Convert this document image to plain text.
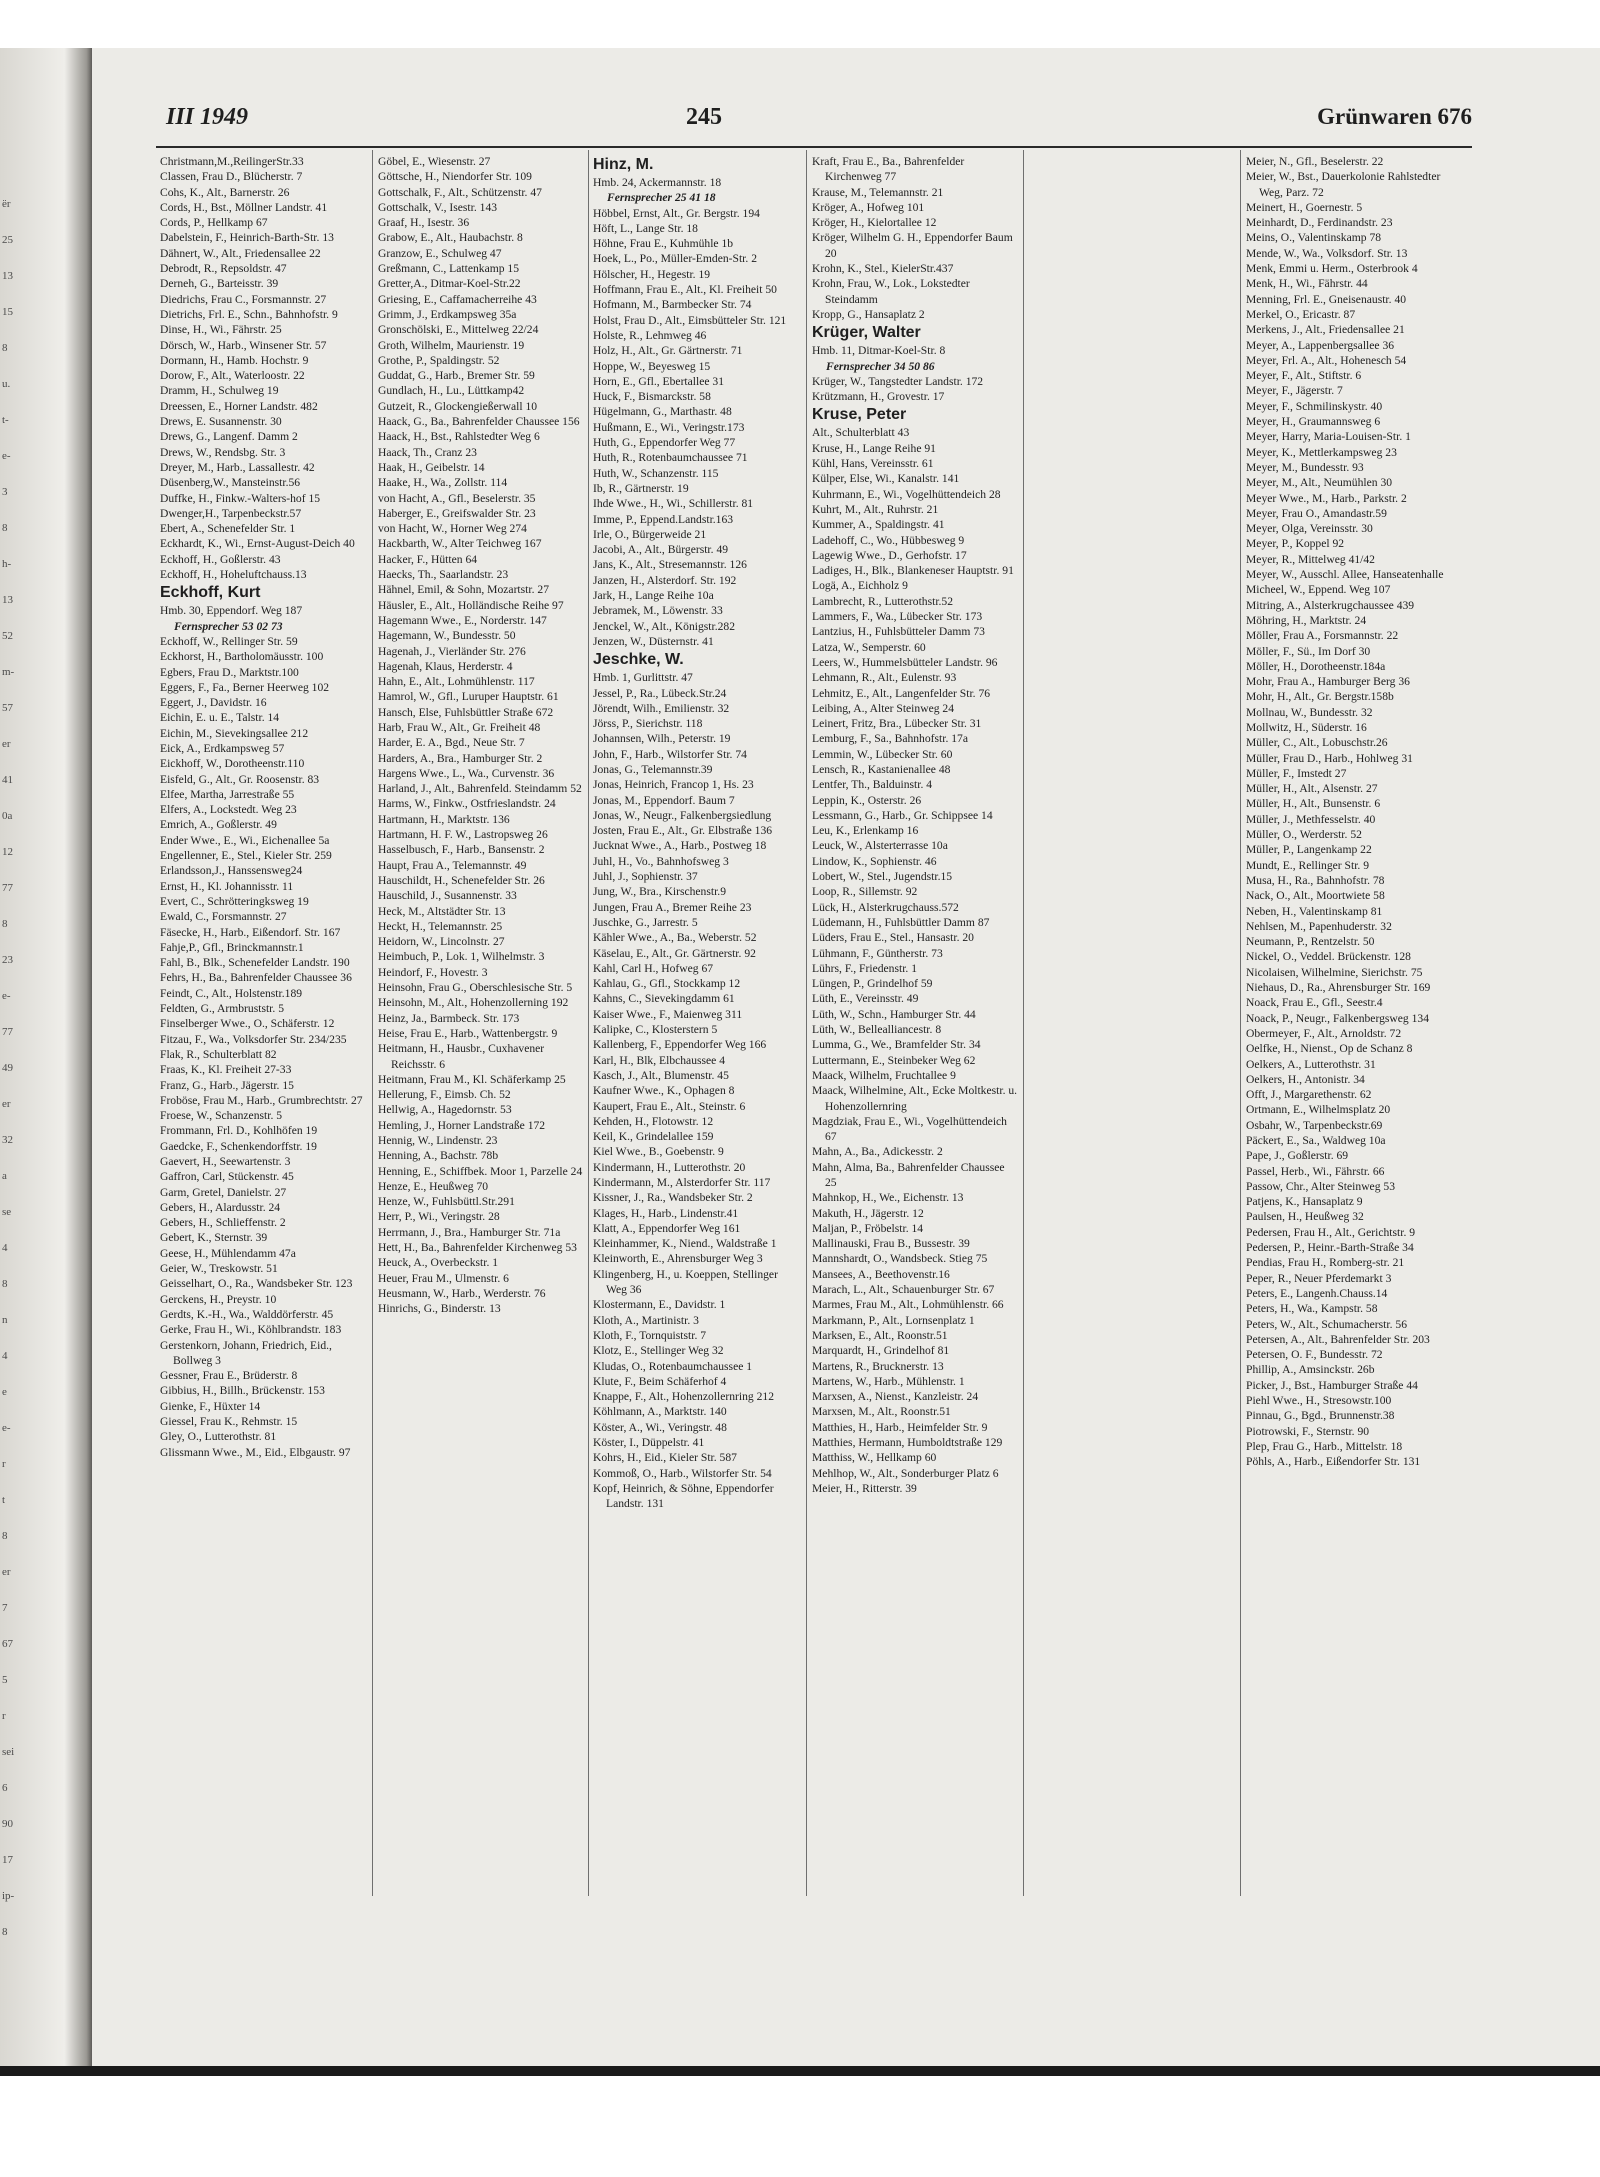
ër
25
13
15
8
u.
t-
e-
3
8
h-
13
52
m-
57
er
41
0a
12
77
8
23
e-
77
49
er
32
a
se
4
8
n
4
e
e-
r
t
8
er
7
67
5
r
sei
6
90
17
ip-
8
III 1949	245	Grünwaren 676

Christmann,M.,ReilingerStr.33

Classen, Frau D., Blücherstr. 7

Cohs, K., Alt., Barnerstr. 26

Cords, H., Bst., Möllner Landstr. 41

Cords, P., Hellkamp 67

Dabelstein, F., Heinrich-Barth-Str. 13

Dähnert, W., Alt., Friedensallee 22

Debrodt, R., Repsoldstr. 47

Derneh, G., Barteisstr. 39

Diedrichs, Frau C., Forsmannstr. 27

Dietrichs, Frl. E., Schn., Bahnhofstr. 9

Dinse, H., Wi., Fährstr. 25

Dörsch, W., Harb., Winsener Str. 57

Dormann, H., Hamb. Hochstr. 9

Dorow, F., Alt., Waterloostr. 22

Dramm, H., Schulweg 19

Dreessen, E., Horner Landstr. 482

Drews, E. Susannenstr. 30

Drews, G., Langenf. Damm 2

Drews, W., Rendsbg. Str. 3

Dreyer, M., Harb., Lassallestr. 42

Düsenberg,W., Mansteinstr.56

Duffke, H., Finkw.-Walters-hof 15

Dwenger,H., Tarpenbeckstr.57

Ebert, A., Schenefelder Str. 1

Eckhardt, K., Wi., Ernst-August-Deich 40

Eckhoff, H., Goßlerstr. 43

Eckhoff, H., Hoheluftchauss.13

Eckhoff, Kurt

Hmb. 30, Eppendorf. Weg 187

Fernsprecher 53 02 73

Eckhoff, W., Rellinger Str. 59

Eckhorst, H., Bartholomäusstr. 100

Egbers, Frau D., Marktstr.100

Eggers, F., Fa., Berner Heerweg 102

Eggert, J., Davidstr. 16

Eichin, E. u. E., Talstr. 14

Eichin, M., Sievekingsallee 212

Eick, A., Erdkampsweg 57

Eickhoff, W., Dorotheenstr.110

Eisfeld, G., Alt., Gr. Roosenstr. 83

Elfee, Martha, Jarrestraße 55

Elfers, A., Lockstedt. Weg 23

Emrich, A., Goßlerstr. 49

Ender Wwe., E., Wi., Eichenallee 5a

Engellenner, E., Stel., Kieler Str. 259

Erlandsson,J., Hanssensweg24

Ernst, H., Kl. Johannisstr. 11

Evert, C., Schrötteringksweg 19

Ewald, C., Forsmannstr. 27

Fäsecke, H., Harb., Eißendorf. Str. 167

Fahje,P., Gfl., Brinckmannstr.1

Fahl, B., Blk., Schenefelder Landstr. 190

Fehrs, H., Ba., Bahrenfelder Chaussee 36

Feindt, C., Alt., Holstenstr.189

Feldten, G., Armbruststr. 5

Finselberger Wwe., O., Schäferstr. 12

Fitzau, F., Wa., Volksdorfer Str. 234/235

Flak, R., Schulterblatt 82

Fraas, K., Kl. Freiheit 27-33

Franz, G., Harb., Jägerstr. 15

Froböse, Frau M., Harb., Grumbrechtstr. 27

Froese, W., Schanzenstr. 5

Frommann, Frl. D., Kohlhöfen 19

Gaedcke, F., Schenkendorffstr. 19

Gaevert, H., Seewartenstr. 3

Gaffron, Carl, Stückenstr. 45

Garm, Gretel, Danielstr. 27

Gebers, H., Alardusstr. 24

Gebers, H., Schlieffenstr. 2

Gebert, K., Sternstr. 39

Geese, H., Mühlendamm 47a

Geier, W., Treskowstr. 51

Geisselhart, O., Ra., Wandsbeker Str. 123

Gerckens, H., Preystr. 10

Gerdts, K.-H., Wa., Walddörferstr. 45

Gerke, Frau H., Wi., Köhlbrandstr. 183

Gerstenkorn, Johann, Friedrich, Eid., Bollweg 3

Gessner, Frau E., Brüderstr. 8

Gibbius, H., Billh., Brückenstr. 153

Gienke, F., Hüxter 14

Giessel, Frau K., Rehmstr. 15

Gley, O., Lutterothstr. 81

Glissmann Wwe., M., Eid., Elbgaustr. 97

Göbel, E., Wiesenstr. 27

Göttsche, H., Niendorfer Str. 109

Gottschalk, F., Alt., Schützenstr. 47

Gottschalk, V., Isestr. 143

Graaf, H., Isestr. 36

Grabow, E., Alt., Haubachstr. 8

Granzow, E., Schulweg 47

Greßmann, C., Lattenkamp 15

Gretter,A., Ditmar-Koel-Str.22

Griesing, E., Caffamacherreihe 43

Grimm, J., Erdkampsweg 35a

Gronschölski, E., Mittelweg 22/24

Groth, Wilhelm, Maurienstr. 19

Grothe, P., Spaldingstr. 52

Guddat, G., Harb., Bremer Str. 59

Gundlach, H., Lu., Lüttkamp42

Gutzeit, R., Glockengießerwall 10

Haack, G., Ba., Bahrenfelder Chaussee 156

Haack, H., Bst., Rahlstedter Weg 6

Haack, Th., Cranz 23

Haak, H., Geibelstr. 14

Haake, H., Wa., Zollstr. 114

von Hacht, A., Gfl., Beselerstr. 35

Haberger, E., Greifswalder Str. 23

von Hacht, W., Horner Weg 274

Hackbarth, W., Alter Teichweg 167

Hacker, F., Hütten 64

Haecks, Th., Saarlandstr. 23

Hähnel, Emil, & Sohn, Mozartstr. 27

Häusler, E., Alt., Holländische Reihe 97

Hagemann Wwe., E., Norderstr. 147

Hagemann, W., Bundesstr. 50

Hagenah, J., Vierländer Str. 276

Hagenah, Klaus, Herderstr. 4

Hahn, E., Alt., Lohmühlenstr. 117

Hamrol, W., Gfl., Luruper Hauptstr. 61

Hansch, Else, Fuhlsbüttler Straße 672

Harb, Frau W., Alt., Gr. Freiheit 48

Harder, E. A., Bgd., Neue Str. 7

Harders, A., Bra., Hamburger Str. 2

Hargens Wwe., L., Wa., Curvenstr. 36

Harland, J., Alt., Bahrenfeld. Steindamm 52

Harms, W., Finkw., Ostfrieslandstr. 24

Hartmann, H., Marktstr. 136

Hartmann, H. F. W., Lastropsweg 26

Hasselbusch, F., Harb., Bansenstr. 2

Haupt, Frau A., Telemannstr. 49

Hauschildt, H., Schenefelder Str. 26

Hauschild, J., Susannenstr. 33

Heck, M., Altstädter Str. 13

Heckt, H., Telemannstr. 25

Heidorn, W., Lincolnstr. 27

Heimbuch, P., Lok. 1, Wilhelmstr. 3

Heindorf, F., Hovestr. 3

Heinsohn, Frau G., Oberschlesische Str. 5

Heinsohn, M., Alt., Hohenzollerning 192

Heinz, Ja., Barmbeck. Str. 173

Heise, Frau E., Harb., Wattenbergstr. 9

Heitmann, H., Hausbr., Cuxhavener Reichsstr. 6

Heitmann, Frau M., Kl. Schäferkamp 25

Hellerung, F., Eimsb. Ch. 52

Hellwig, A., Hagedornstr. 53

Hemling, J., Horner Landstraße 172

Hennig, W., Lindenstr. 23

Henning, A., Bachstr. 78b

Henning, E., Schiffbek. Moor 1, Parzelle 24

Henze, E., Heußweg 70

Henze, W., Fuhlsbüttl.Str.291

Herr, P., Wi., Veringstr. 28

Herrmann, J., Bra., Hamburger Str. 71a

Hett, H., Ba., Bahrenfelder Kirchenweg 53

Heuck, A., Overbeckstr. 1

Heuer, Frau M., Ulmenstr. 6

Heusmann, W., Harb., Werderstr. 76

Hinrichs, G., Binderstr. 13

Hinz, M.

Hmb. 24, Ackermannstr. 18

Fernsprecher 25 41 18

Höbbel, Ernst, Alt., Gr. Bergstr. 194

Höft, L., Lange Str. 18

Höhne, Frau E., Kuhmühle 1b

Hoek, L., Po., Müller-Emden-Str. 2

Hölscher, H., Hegestr. 19

Hoffmann, Frau E., Alt., Kl. Freiheit 50

Hofmann, M., Barmbecker Str. 74

Holst, Frau D., Alt., Eimsbütteler Str. 121

Holste, R., Lehmweg 46

Holz, H., Alt., Gr. Gärtnerstr. 71

Hoppe, W., Beyesweg 15

Horn, E., Gfl., Ebertallee 31

Huck, F., Bismarckstr. 58

Hügelmann, G., Marthastr. 48

Hußmann, E., Wi., Veringstr.173

Huth, G., Eppendorfer Weg 77

Huth, R., Rotenbaumchaussee 71

Huth, W., Schanzenstr. 115

Ib, R., Gärtnerstr. 19

Ihde Wwe., H., Wi., Schillerstr. 81

Imme, P., Eppend.Landstr.163

Irle, O., Bürgerweide 21

Jacobi, A., Alt., Bürgerstr. 49

Jans, K., Alt., Stresemannstr. 126

Janzen, H., Alsterdorf. Str. 192

Jark, H., Lange Reihe 10a

Jebramek, M., Löwenstr. 33

Jenckel, W., Alt., Königstr.282

Jenzen, W., Düsternstr. 41

Jeschke, W.

Hmb. 1, Gurlittstr. 47

Jessel, P., Ra., Lübeck.Str.24

Jörendt, Wilh., Emilienstr. 32

Jörss, P., Sierichstr. 118

Johannsen, Wilh., Peterstr. 19

John, F., Harb., Wilstorfer Str. 74

Jonas, G., Telemannstr.39

Jonas, Heinrich, Francop 1, Hs. 23

Jonas, M., Eppendorf. Baum 7

Jonas, W., Neugr., Falkenbergsiedlung

Josten, Frau E., Alt., Gr. Elbstraße 136

Jucknat Wwe., A., Harb., Postweg 18

Juhl, H., Vo., Bahnhofsweg 3

Juhl, J., Sophienstr. 37

Jung, W., Bra., Kirschenstr.9

Jungen, Frau A., Bremer Reihe 23

Juschke, G., Jarrestr. 5

Kähler Wwe., A., Ba., Weberstr. 52

Käselau, E., Alt., Gr. Gärtnerstr. 92

Kahl, Carl H., Hofweg 67

Kahlau, G., Gfl., Stockkamp 12

Kahns, C., Sievekingdamm 61

Kaiser Wwe., F., Maienweg 311

Kalipke, C., Klosterstern 5

Kallenberg, F., Eppendorfer Weg 166

Karl, H., Blk, Elbchaussee 4

Kasch, J., Alt., Blumenstr. 45

Kaufner Wwe., K., Ophagen 8

Kaupert, Frau E., Alt., Steinstr. 6

Kehden, H., Flotowstr. 12

Keil, K., Grindelallee 159

Kiel Wwe., B., Goebenstr. 9

Kindermann, H., Lutterothstr. 20

Kindermann, M., Alsterdorfer Str. 117

Kissner, J., Ra., Wandsbeker Str. 2

Klages, H., Harb., Lindenstr.41

Klatt, A., Eppendorfer Weg 161

Kleinhammer, K., Niend., Waldstraße 1

Kleinworth, E., Ahrensburger Weg 3

Klingenberg, H., u. Koeppen, Stellinger Weg 36

Klostermann, E., Davidstr. 1

Kloth, A., Martinistr. 3

Kloth, F., Tornquiststr. 7

Klotz, E., Stellinger Weg 32

Kludas, O., Rotenbaumchaussee 1

Klute, F., Beim Schäferhof 4

Knappe, F., Alt., Hohenzollernring 212

Köhlmann, A., Marktstr. 140

Köster, A., Wi., Veringstr. 48

Köster, I., Düppelstr. 41

Kohrs, H., Eid., Kieler Str. 587

Kommoß, O., Harb., Wilstorfer Str. 54

Kopf, Heinrich, & Söhne, Eppendorfer Landstr. 131

Kraft, Frau E., Ba., Bahrenfelder Kirchenweg 77

Krause, M., Telemannstr. 21

Kröger, A., Hofweg 101

Kröger, H., Kielortallee 12

Kröger, Wilhelm G. H., Eppendorfer Baum 20

Krohn, K., Stel., KielerStr.437

Krohn, Frau, W., Lok., Lokstedter Steindamm

Kropp, G., Hansaplatz 2

Krüger, Walter

Hmb. 11, Ditmar-Koel-Str. 8

Fernsprecher 34 50 86

Krüger, W., Tangstedter Landstr. 172

Krützmann, H., Grovestr. 17

Kruse, Peter

Alt., Schulterblatt 43

Kruse, H., Lange Reihe 91

Kühl, Hans, Vereinsstr. 61

Külper, Else, Wi., Kanalstr. 141

Kuhrmann, E., Wi., Vogelhüttendeich 28

Kuhrt, M., Alt., Ruhrstr. 21

Kummer, A., Spaldingstr. 41

Ladehoff, C., Wo., Hübbesweg 9

Lagewig Wwe., D., Gerhofstr. 17

Ladiges, H., Blk., Blankeneser Hauptstr. 91

Logä, A., Eichholz 9

Lambrecht, R., Lutterothstr.52

Lammers, F., Wa., Lübecker Str. 173

Lantzius, H., Fuhlsbütteler Damm 73

Latza, W., Semperstr. 60

Leers, W., Hummelsbütteler Landstr. 96

Lehmann, R., Alt., Eulenstr. 93

Lehmitz, E., Alt., Langenfelder Str. 76

Leibing, A., Alter Steinweg 24

Leinert, Fritz, Bra., Lübecker Str. 31

Lemburg, F., Sa., Bahnhofstr. 17a

Lemmin, W., Lübecker Str. 60

Lensch, R., Kastanienallee 48

Lentfer, Th., Balduinstr. 4

Leppin, K., Osterstr. 26

Lessmann, G., Harb., Gr. Schippsee 14

Leu, K., Erlenkamp 16

Leuck, W., Alsterterrasse 10a

Lindow, K., Sophienstr. 46

Lobert, W., Stel., Jugendstr.15

Loop, R., Sillemstr. 92

Lück, H., Alsterkrugchauss.572

Lüdemann, H., Fuhlsbüttler Damm 87

Lüders, Frau E., Stel., Hansastr. 20

Lühmann, F., Güntherstr. 73

Lührs, F., Friedenstr. 1

Lüngen, P., Grindelhof 59

Lüth, E., Vereinsstr. 49

Lüth, W., Schn., Hamburger Str. 44

Lüth, W., Bellealliancestr. 8

Lumma, G., We., Bramfelder Str. 34

Luttermann, E., Steinbeker Weg 62

Maack, Wilhelm, Fruchtallee 9

Maack, Wilhelmine, Alt., Ecke Moltkestr. u. Hohenzollernring

Magdziak, Frau E., Wi., Vogelhüttendeich 67

Mahn, A., Ba., Adickesstr. 2

Mahn, Alma, Ba., Bahrenfelder Chaussee 25

Mahnkop, H., We., Eichenstr. 13

Makuth, H., Jägerstr. 12

Maljan, P., Fröbelstr. 14

Mallinauski, Frau B., Bussestr. 39

Mannshardt, O., Wandsbeck. Stieg 75

Mansees, A., Beethovenstr.16

Marach, L., Alt., Schauenburger Str. 67

Marmes, Frau M., Alt., Lohmühlenstr. 66

Markmann, P., Alt., Lornsenplatz 1

Marksen, E., Alt., Roonstr.51

Marquardt, H., Grindelhof 81

Martens, R., Brucknerstr. 13

Martens, W., Harb., Mühlenstr. 1

Marxsen, A., Nienst., Kanzleistr. 24

Marxsen, M., Alt., Roonstr.51

Matthies, H., Harb., Heimfelder Str. 9

Matthies, Hermann, Humboldtstraße 129

Matthiss, W., Hellkamp 60

Mehlhop, W., Alt., Sonderburger Platz 6

Meier, H., Ritterstr. 39

Meier, N., Gfl., Beselerstr. 22

Meier, W., Bst., Dauerkolonie Rahlstedter Weg, Parz. 72

Meinert, H., Goernestr. 5

Meinhardt, D., Ferdinandstr. 23

Meins, O., Valentinskamp 78

Mende, W., Wa., Volksdorf. Str. 13

Menk, Emmi u. Herm., Osterbrook 4

Menk, H., Wi., Fährstr. 44

Menning, Frl. E., Gneisenaustr. 40

Merkel, O., Ericastr. 87

Merkens, J., Alt., Friedensallee 21

Meyer, A., Lappenbergsallee 36

Meyer, Frl. A., Alt., Hohenesch 54

Meyer, F., Alt., Stiftstr. 6

Meyer, F., Jägerstr. 7

Meyer, F., Schmilinskystr. 40

Meyer, H., Graumannsweg 6

Meyer, Harry, Maria-Louisen-Str. 1

Meyer, K., Mettlerkampsweg 23

Meyer, M., Bundesstr. 93

Meyer, M., Alt., Neumühlen 30

Meyer Wwe., M., Harb., Parkstr. 2

Meyer, Frau O., Amandastr.59

Meyer, Olga, Vereinsstr. 30

Meyer, P., Koppel 92

Meyer, R., Mittelweg 41/42

Meyer, W., Ausschl. Allee, Hanseatenhalle

Micheel, W., Eppend. Weg 107

Mitring, A., Alsterkrugchaussee 439

Möhring, H., Marktstr. 24

Möller, Frau A., Forsmannstr. 22

Möller, F., Sü., Im Dorf 30

Möller, H., Dorotheenstr.184a

Mohr, Frau A., Hamburger Berg 36

Mohr, H., Alt., Gr. Bergstr.158b

Mollnau, W., Bundesstr. 32

Mollwitz, H., Süderstr. 16

Müller, C., Alt., Lobuschstr.26

Müller, Frau D., Harb., Hohlweg 31

Müller, F., Imstedt 27

Müller, H., Alt., Alsenstr. 27

Müller, H., Alt., Bunsenstr. 6

Müller, J., Methfesselstr. 40

Müller, O., Werderstr. 52

Müller, P., Langenkamp 22

Mundt, E., Rellinger Str. 9

Musa, H., Ra., Bahnhofstr. 78

Nack, O., Alt., Moortwiete 58

Neben, H., Valentinskamp 81

Nehlsen, M., Papenhuderstr. 32

Neumann, P., Rentzelstr. 50

Nickel, O., Veddel. Brückenstr. 128

Nicolaisen, Wilhelmine, Sierichstr. 75

Niehaus, D., Ra., Ahrensburger Str. 169

Noack, Frau E., Gfl., Seestr.4

Noack, P., Neugr., Falkenbergsweg 134

Obermeyer, F., Alt., Arnoldstr. 72

Oelfke, H., Nienst., Op de Schanz 8

Oelkers, A., Lutterothstr. 31

Oelkers, H., Antonistr. 34

Offt, J., Margarethenstr. 62

Ortmann, E., Wilhelmsplatz 20

Osbahr, W., Tarpenbeckstr.69

Päckert, E., Sa., Waldweg 10a

Pape, J., Goßlerstr. 69

Passel, Herb., Wi., Fährstr. 66

Passow, Chr., Alter Steinweg 53

Patjens, K., Hansaplatz 9

Paulsen, H., Heußweg 32

Pedersen, Frau H., Alt., Gerichtstr. 9

Pedersen, P., Heinr.-Barth-Straße 34

Pendias, Frau H., Romberg-str. 21

Peper, R., Neuer Pferdemarkt 3

Peters, E., Langenh.Chauss.14

Peters, H., Wa., Kampstr. 58

Peters, W., Alt., Schumacherstr. 56

Petersen, A., Alt., Bahrenfelder Str. 203

Petersen, O. F., Bundesstr. 72

Phillip, A., Amsinckstr. 26b

Picker, J., Bst., Hamburger Straße 44

Piehl Wwe., H., Stresowstr.100

Pinnau, G., Bgd., Brunnenstr.38

Piotrowski, F., Sternstr. 90

Plep, Frau G., Harb., Mittelstr. 18

Pöhls, A., Harb., Eißendorfer Str. 131
